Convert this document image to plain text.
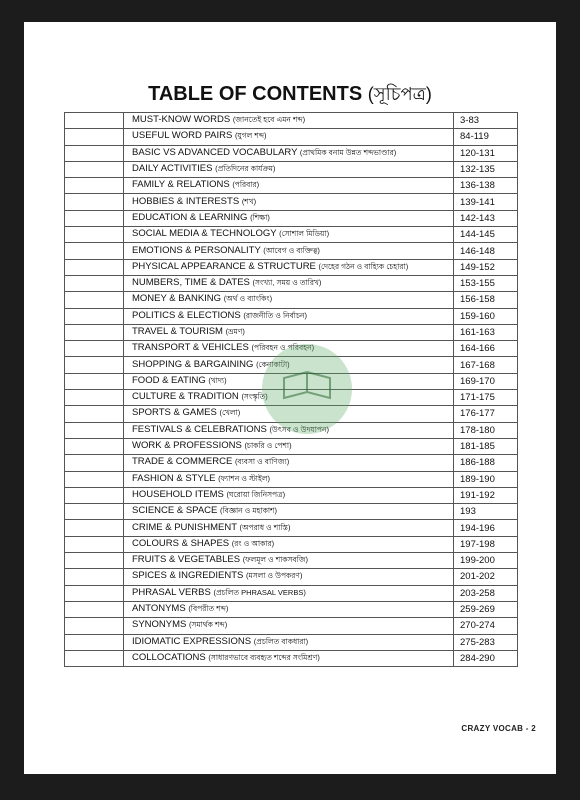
TABLE OF CONTENTS (সূচিপত্র)
	MUST-KNOW WORDS (জানতেই হবে এমন শব্দ)	3-83
	USEFUL WORD PAIRS (যুগল শব্দ)	84-119
	BASIC VS ADVANCED VOCABULARY (প্রাথমিক বনাম উন্নত শব্দভাণ্ডার)	120-131
	DAILY ACTIVITIES (প্রতিদিনের কার্যক্রম)	132-135
	FAMILY & RELATIONS (পরিবার)	136-138
	HOBBIES & INTERESTS (শখ)	139-141
	EDUCATION & LEARNING (শিক্ষা)	142-143
	SOCIAL MEDIA & TECHNOLOGY (সোশাল মিডিয়া)	144-145
	EMOTIONS & PERSONALITY (আবেগ ও ব্যক্তিত্ব)	146-148
	PHYSICAL APPEARANCE & STRUCTURE (দেহের গঠন ও বাহ্যিক চেহারা)	149-152
	NUMBERS, TIME & DATES (সংখ্যা, সময় ও তারিখ)	153-155
	MONEY & BANKING (অর্থ ও ব্যাংকিং)	156-158
	POLITICS & ELECTIONS (রাজনীতি ও নির্বাচন)	159-160
	TRAVEL & TOURISM (ভ্রমণ)	161-163
	TRANSPORT & VEHICLES (পরিবহন ও পরিবহন)	164-166
	SHOPPING & BARGAINING (কেনাকাটা)	167-168
	FOOD & EATING (খাদ্য)	169-170
	CULTURE & TRADITION (সংস্কৃতি)	171-175
	SPORTS & GAMES (খেলা)	176-177
	FESTIVALS & CELEBRATIONS (উৎসব ও উদযাপন)	178-180
	WORK & PROFESSIONS (চাকরি ও পেশা)	181-185
	TRADE & COMMERCE (ব্যবসা ও বাণিজ্য)	186-188
	FASHION & STYLE (ফ্যাশন ও স্টাইল)	189-190
	HOUSEHOLD ITEMS (ঘরোয়া জিনিসপত্র)	191-192
	SCIENCE & SPACE (বিজ্ঞান ও মহাকাশ)	193
	CRIME & PUNISHMENT (অপরাধ ও শাস্তি)	194-196
	COLOURS & SHAPES (রং ও আকার)	197-198
	FRUITS & VEGETABLES (ফলমূল ও শাকসবজি)	199-200
	SPICES & INGREDIENTS (মসলা ও উপকরণ)	201-202
	PHRASAL VERBS (প্রচলিত PHRASAL VERBS)	203-258
	ANTONYMS (বিপরীত শব্দ)	259-269
	SYNONYMS (সমার্থক শব্দ)	270-274
	IDIOMATIC EXPRESSIONS (প্রচলিত বাকধারা)	275-283
	COLLOCATIONS (সাধারণভাবে ব্যবহৃত শব্দের সংমিশ্রণ)	284-290
CRAZY VOCAB - 2
